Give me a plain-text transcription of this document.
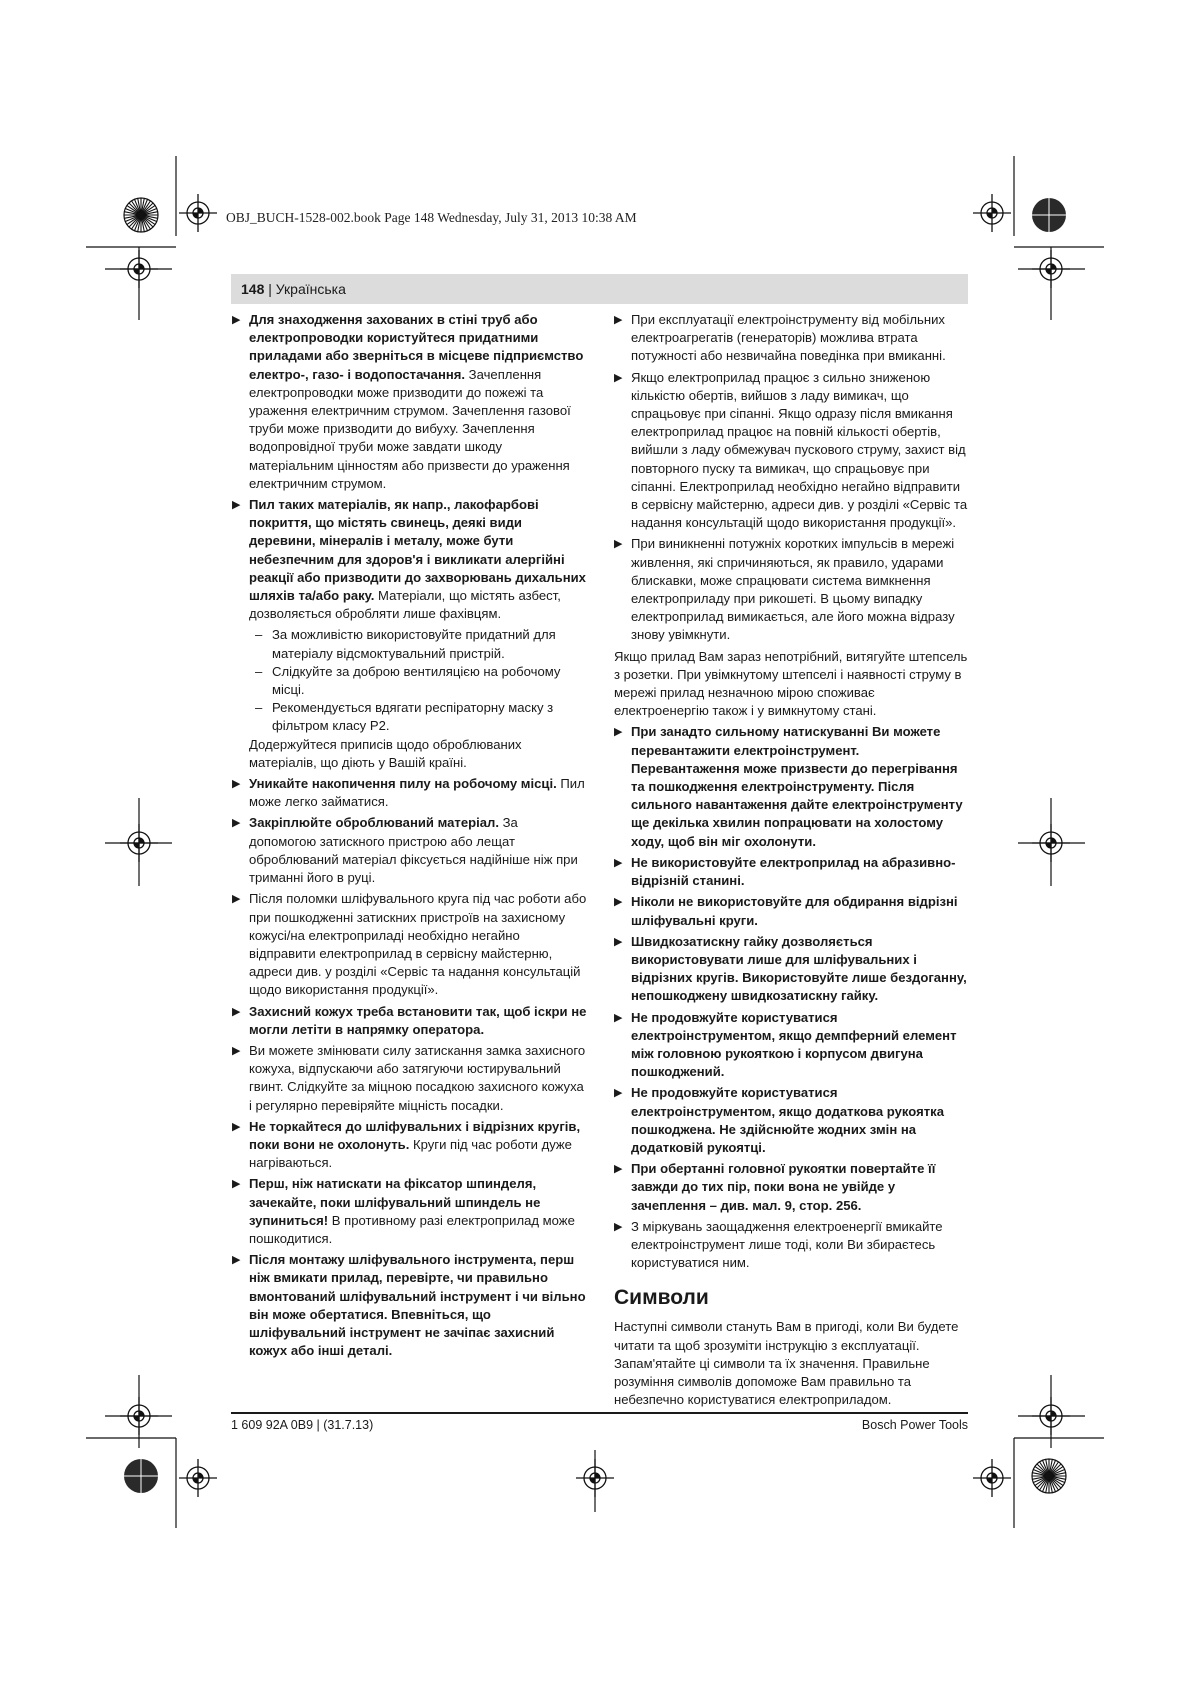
OBJ_BUCH-1528-002.book Page 148 Wednesday, July 31, 2013 10:38 AM
148 | Українська
▶ Для знаходження захованих в стіні труб або електропроводки користуйтеся придатними приладами або зверніться в місцеве підприємство електро-, газо- і водопостачання. Зачеплення електропроводки може призводити до пожежі та ураження електричним струмом. Зачеплення газової труби може призводити до вибуху. Зачеплення водопровідної труби може завдати шкоду матеріальним цінностям або призвести до ураження електричним струмом.
▶ Пил таких матеріалів, як напр., лакофарбові покриття, що містять свинець, деякі види деревини, мінералів і металу, може бути небезпечним для здоров'я і викликати алергійні реакції або призводити до захворювань дихальних шляхів та/або раку. Матеріали, що містять азбест, дозволяється обробляти лише фахівцям.
– За можливістю використовуйте придатний для матеріалу відсмоктувальний пристрій.
– Слідкуйте за доброю вентиляцією на робочому місці.
– Рекомендується вдягати респіраторну маску з фільтром класу Р2.
Додержуйтеся приписів щодо оброблюваних матеріалів, що діють у Вашій країні.
▶ Уникайте накопичення пилу на робочому місці. Пил може легко займатися.
▶ Закріплюйте оброблюваний матеріал. За допомогою затискного пристрою або лещат оброблюваний матеріал фіксується надійніше ніж при триманні його в руці.
▶ Після поломки шліфувального круга під час роботи або при пошкодженні затискних пристроїв на захисному кожусі/на електроприладі необхідно негайно відправити електроприлад в сервісну майстерню, адреси див. у розділі «Сервіс та надання консультацій щодо використання продукції».
▶ Захисний кожух треба встановити так, щоб іскри не могли летіти в напрямку оператора.
▶ Ви можете змінювати силу затискання замка захисного кожуха, відпускаючи або затягуючи юстирувальний гвинт. Слідкуйте за міцною посадкою захисного кожуха і регулярно перевіряйте міцність посадки.
▶ Не торкайтеся до шліфувальних і відрізних кругів, поки вони не охолонуть. Круги під час роботи дуже нагріваються.
▶ Перш, ніж натискати на фіксатор шпинделя, зачекайте, поки шліфувальний шпиндель не зупиниться! В противному разі електроприлад може пошкодитися.
▶ Після монтажу шліфувального інструмента, перш ніж вмикати прилад, перевірте, чи правильно вмонтований шліфувальний інструмент і чи вільно він може обертатися. Впевніться, що шліфувальний інструмент не зачіпає захисний кожух або інші деталі.
▶ При експлуатації електроінструменту від мобільних електроагрегатів (генераторів) можлива втрата потужності або незвичайна поведінка при вмиканні.
▶ Якщо електроприлад працює з сильно зниженою кількістю обертів, вийшов з ладу вимикач, що спрацьовує при сіпанні. Якщо одразу після вмикання електроприлад працює на повній кількості обертів, вийшли з ладу обмежувач пускового струму, захист від повторного пуску та вимикач, що спрацьовує при сіпанні. Електроприлад необхідно негайно відправити в сервісну майстерню, адреси див. у розділі «Сервіс та надання консультацій щодо використання продукції».
▶ При виникненні потужніх коротких імпульсів в мережі живлення, які спричиняються, як правило, ударами блискавки, може спрацювати система вимкнення електроприладу при рикошеті. В цьому випадку електроприлад вимикається, але його можна відразу знову увімкнути.
Якщо прилад Вам зараз непотрібний, витягуйте штепсель з розетки. При увімкнутому штепселі і наявності струму в мережі прилад незначною мірою споживає електроенергію також і у вимкнутому стані.
▶ При занадто сильному натискуванні Ви можете перевантажити електроінструмент. Перевантаження може призвести до перегрівання та пошкодження електроінструменту. Після сильного навантаження дайте електроінструменту ще декілька хвилин попрацювати на холостому ходу, щоб він міг охолонути.
▶ Не використовуйте електроприлад на абразивно-відрізній станині.
▶ Ніколи не використовуйте для обдирання відрізні шліфувальні круги.
▶ Швидкозатискну гайку дозволяється використовувати лише для шліфувальних і відрізних кругів. Використовуйте лише бездоганну, непошкоджену швидкозатискну гайку.
▶ Не продовжуйте користуватися електроінструментом, якщо демпферний елемент між головною рукояткою і корпусом двигуна пошкоджений.
▶ Не продовжуйте користуватися електроінструментом, якщо додаткова рукоятка пошкоджена. Не здійснюйте жодних змін на додатковій рукоятці.
▶ При обертанні головної рукоятки повертайте її завжди до тих пір, поки вона не увійде у зачеплення – див. мал. 9, стор. 256.
▶ З міркувань заощадження електроенергії вмикайте електроінструмент лише тоді, коли Ви збираєтесь користуватися ним.
Символи
Наступні символи стануть Вам в пригоді, коли Ви будете читати та щоб зрозуміти інструкцію з експлуатації. Запам'ятайте ці символи та їх значення. Правильне розуміння символів допоможе Вам правильно та небезпечно користуватися електроприладом.
1 609 92A 0B9 | (31.7.13)	Bosch Power Tools
